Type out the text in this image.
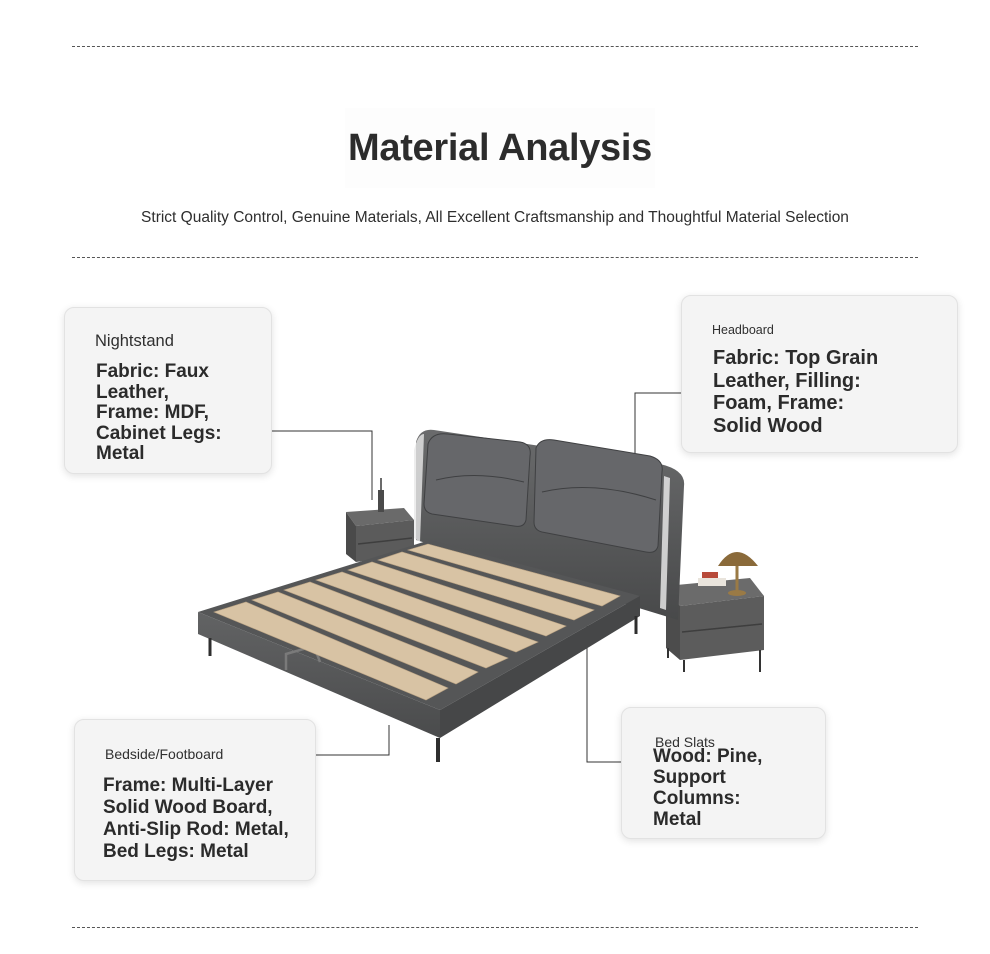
Material Analysis
Strict Quality Control, Genuine Materials, All Excellent Craftsmanship and Thoughtful Material Selection
Nightstand
Fabric: Faux
Leather,
Frame: MDF,
Cabinet Legs:
Metal
Headboard
Fabric: Top Grain
Leather, Filling:
Foam, Frame:
Solid Wood
Bedside/Footboard
Frame: Multi-Layer
Solid Wood Board,
Anti-Slip Rod: Metal,
Bed Legs: Metal
Bed Slats
Wood: Pine,
Support
Columns:
Metal
